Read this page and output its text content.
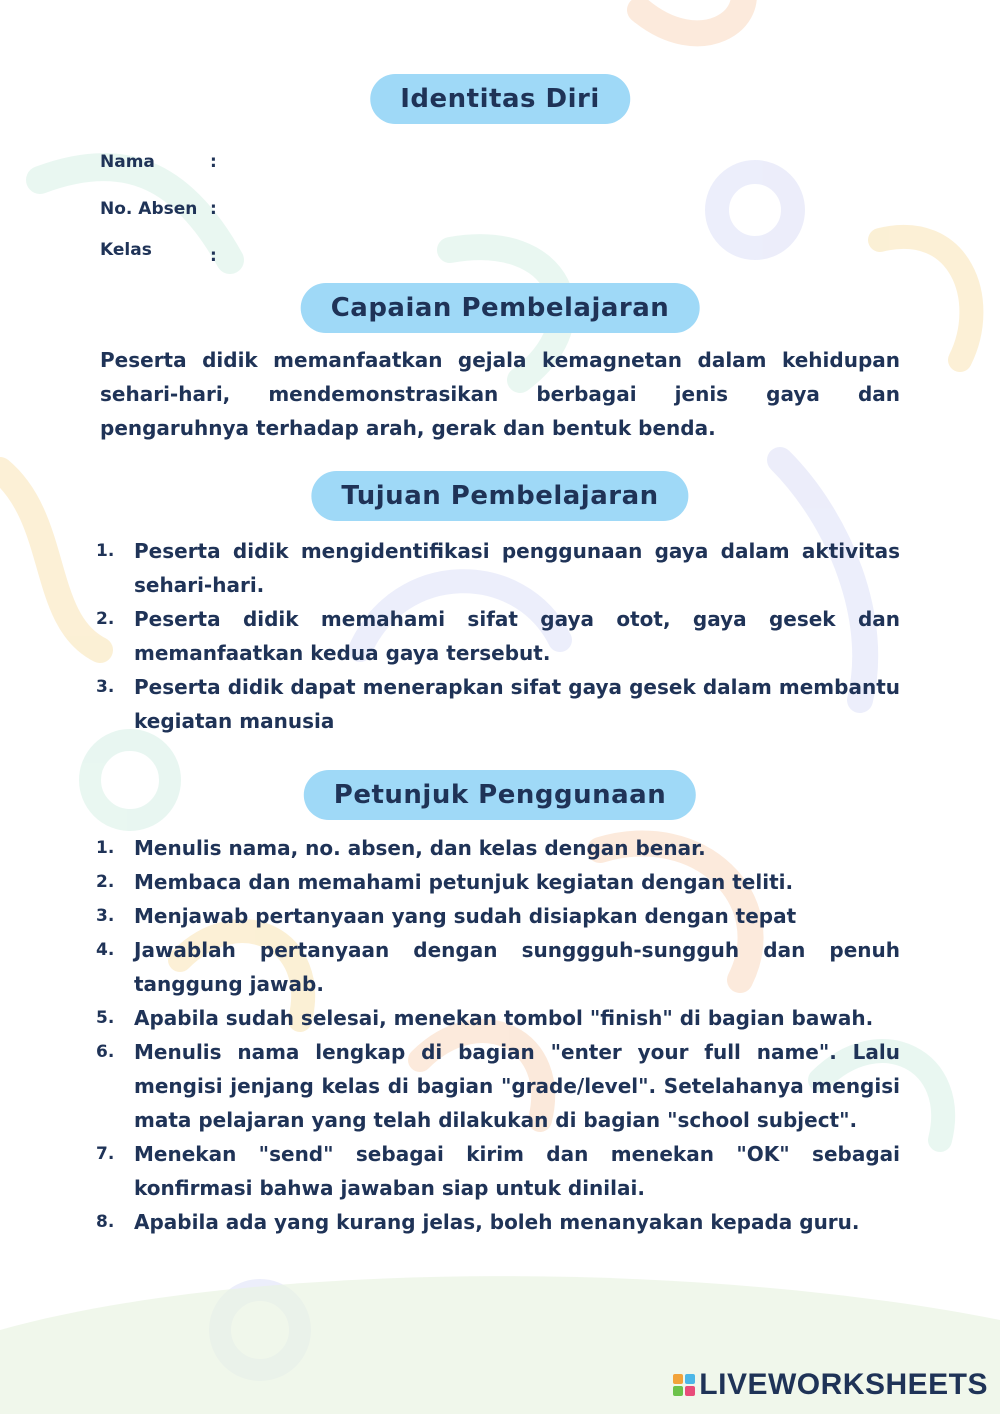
Identitas Diri
Nama	:
No. Absen :
Kelas	:
Capaian Pembelajaran

Peserta didik memanfaatkan gejala kemagnetan dalam kehidupan sehari-hari, mendemonstrasikan berbagai jenis gaya dan pengaruhnya terhadap arah, gerak dan bentuk benda.

Tujuan Pembelajaran
1. Peserta didik mengidentifikasi penggunaan gaya dalam aktivitas sehari-hari.
2. Peserta didik memahami sifat gaya otot, gaya gesek dan memanfaatkan kedua gaya tersebut.
3. Peserta didik dapat menerapkan sifat gaya gesek dalam membantu kegiatan manusia
Petunjuk Penggunaan
1. Menulis nama, no. absen, dan kelas dengan benar.
2. Membaca dan memahami petunjuk kegiatan dengan teliti.
3. Menjawab pertanyaan yang sudah disiapkan dengan tepat
4. Jawablah pertanyaan dengan sunggguh-sungguh dan penuh tanggung jawab.
5. Apabila sudah selesai, menekan tombol "finish" di bagian bawah.
6. Menulis nama lengkap di bagian "enter your full name". Lalu mengisi jenjang kelas di bagian "grade/level". Setelahanya mengisi mata pelajaran yang telah dilakukan di bagian "school subject".
7. Menekan "send" sebagai kirim dan menekan "OK" sebagai konfirmasi bahwa jawaban siap untuk dinilai.
8. Apabila ada yang kurang jelas, boleh menanyakan kepada guru.
LIVEWORKSHEETS
